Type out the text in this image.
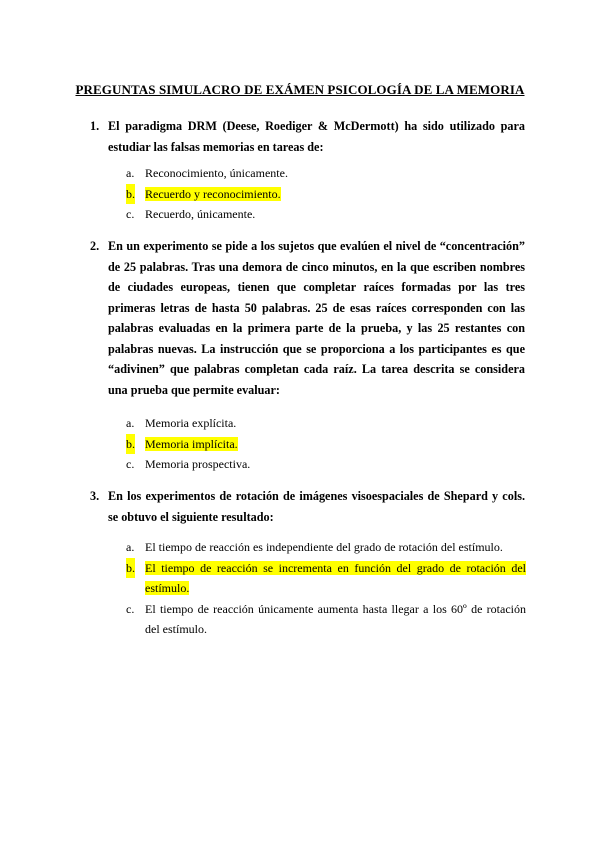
PREGUNTAS SIMULACRO DE EXÁMEN PSICOLOGÍA DE LA MEMORIA
1. El paradigma DRM (Deese, Roediger & McDermott) ha sido utilizado para estudiar las falsas memorias en tareas de:
a. Reconocimiento, únicamente.
b. Recuerdo y reconocimiento.
c. Recuerdo, únicamente.
2. En un experimento se pide a los sujetos que evalúen el nivel de “concentración” de 25 palabras. Tras una demora de cinco minutos, en la que escriben nombres de ciudades europeas, tienen que completar raíces formadas por las tres primeras letras de hasta 50 palabras. 25 de esas raíces corresponden con las palabras evaluadas en la primera parte de la prueba, y las 25 restantes con palabras nuevas. La instrucción que se proporciona a los participantes es que “adivinen” que palabras completan cada raíz. La tarea descrita se considera una prueba que permite evaluar:
a. Memoria explícita.
b. Memoria implícita.
c. Memoria prospectiva.
3. En los experimentos de rotación de imágenes visoespaciales de Shepard y cols. se obtuvo el siguiente resultado:
a. El tiempo de reacción es independiente del grado de rotación del estímulo.
b. El tiempo de reacción se incrementa en función del grado de rotación del estímulo.
c. El tiempo de reacción únicamente aumenta hasta llegar a los 60º de rotación del estímulo.
